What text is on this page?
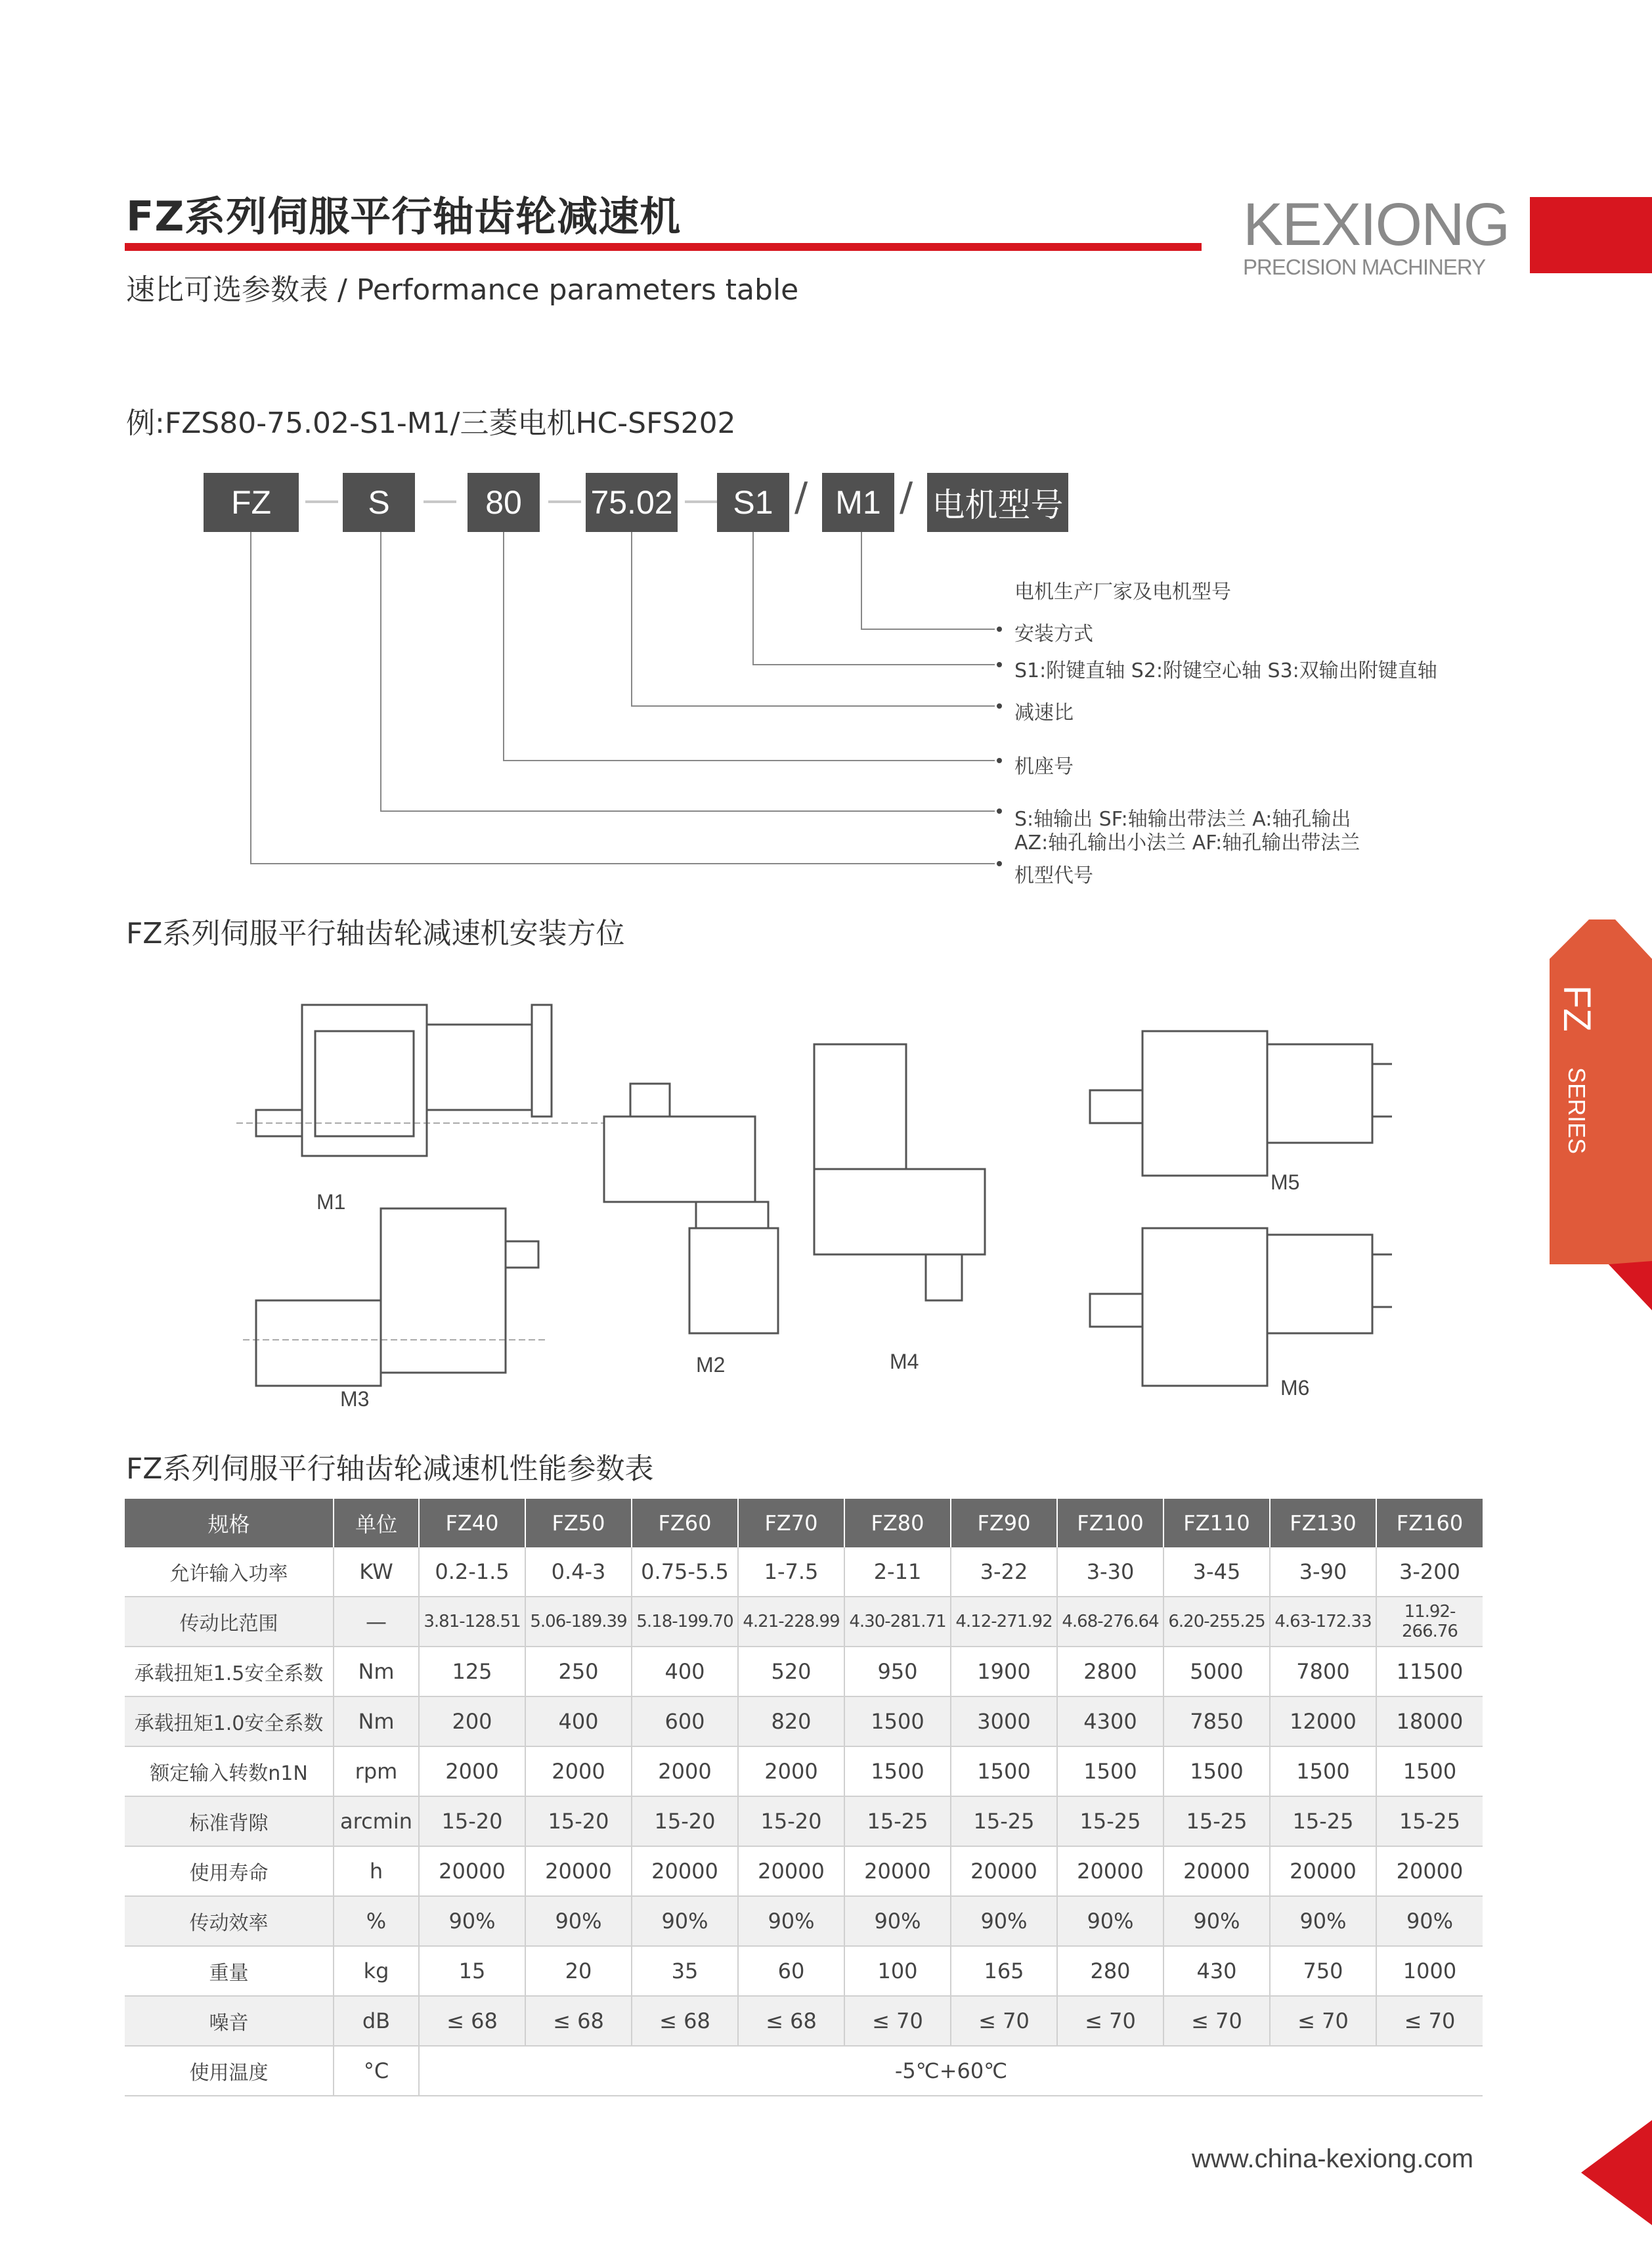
FZ系列伺服平行轴齿轮减速机
速比可选参数表 / Performance parameters table
KEXIONG
PRECISION MACHINERY
例:FZS80-75.02-S1-M1/三菱电机HC-SFS202
FZ	S	80	75.02	S1 / M1 / 电机型号
电机生产厂家及电机型号
安装方式
S1:附键直轴 S2:附键空心轴 S3:双输出附键直轴
减速比
机座号
S:轴输出 SF:轴输出带法兰 A:轴孔输出
AZ:轴孔输出小法兰 AF:轴孔输出带法兰
机型代号
FZ
SERIES
FZ系列伺服平行轴齿轮减速机安装方位
M1
M2
M3
M4
M5
M6
FZ系列伺服平行轴齿轮减速机性能参数表
规格	单位	FZ40	FZ50	FZ60	FZ70	FZ80	FZ90	FZ100	FZ110	FZ130	FZ160
允许输入功率	KW	0.2-1.5	0.4-3	0.75-5.5	1-7.5	2-11	3-22	3-30	3-45	3-90	3-200
传动比范围	—	3.81-128.51	5.06-189.39	5.18-199.70	4.21-228.99	4.30-281.71	4.12-271.92	4.68-276.64	6.20-255.25	4.63-172.33	11.92-266.76
承载扭矩1.5安全系数	Nm	125	250	400	520	950	1900	2800	5000	7800	11500
承载扭矩1.0安全系数	Nm	200	400	600	820	1500	3000	4300	7850	12000	18000
额定输入转数n1N	rpm	2000	2000	2000	2000	1500	1500	1500	1500	1500	1500
标准背隙	arcmin	15-20	15-20	15-20	15-20	15-25	15-25	15-25	15-25	15-25	15-25
使用寿命	h	20000	20000	20000	20000	20000	20000	20000	20000	20000	20000
传动效率	%	90%	90%	90%	90%	90%	90%	90%	90%	90%	90%
重量	kg	15	20	35	60	100	165	280	430	750	1000
噪音	dB	≤ 68	≤ 68	≤ 68	≤ 68	≤ 70	≤ 70	≤ 70	≤ 70	≤ 70	≤ 70
使用温度	°C	-5℃+60℃									
www.china-kexiong.com
